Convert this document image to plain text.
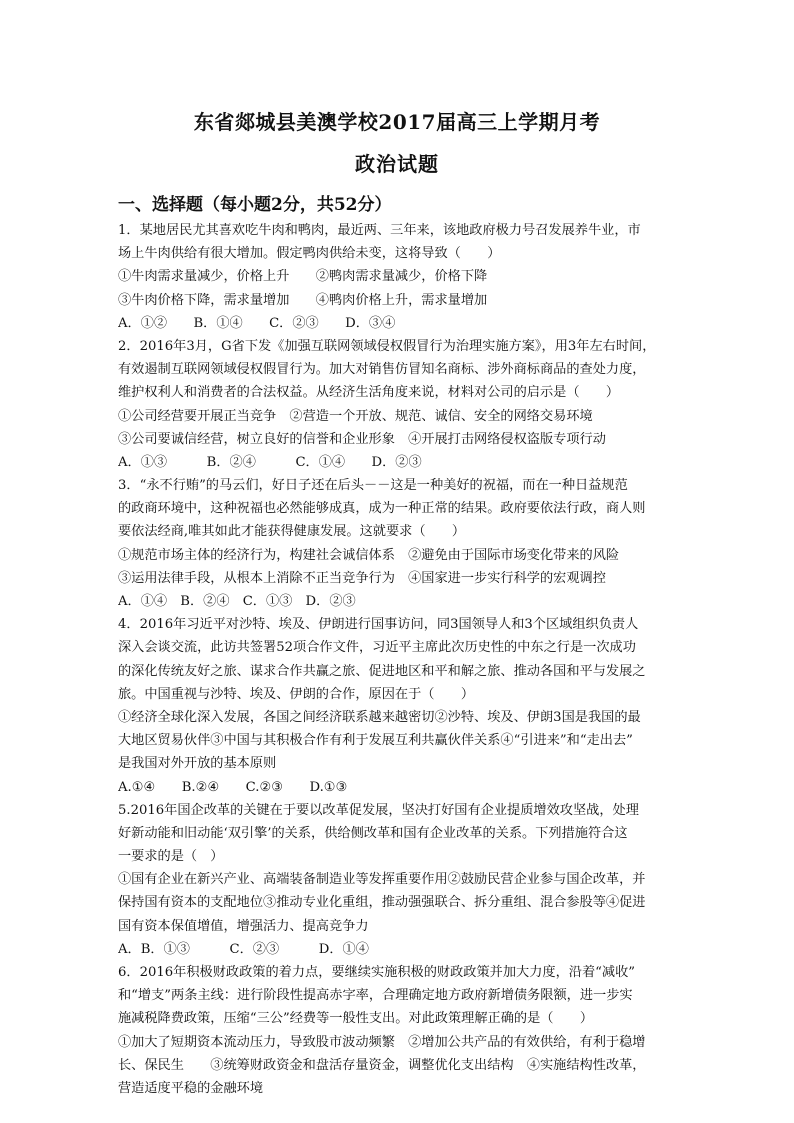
东省郯城县美澳学校2017届高三上学期月考
政治试题
一、选择题（每小题2分，共52分）
1．某地居民尤其喜欢吃牛肉和鸭肉，最近两、三年来，该地政府极力号召发展养牛业，市
场上牛肉供给有很大增加。假定鸭肉供给未变，这将导致（　　）
①牛肉需求量减少，价格上升　　②鸭肉需求量减少，价格下降
③牛肉价格下降，需求量增加　　④鸭肉价格上升，需求量增加
A．①②　　B．①④　　C．②③　　D．③④
2．2016年3月，G省下发《加强互联网领域侵权假冒行为治理实施方案》，用3年左右时间，
有效遏制互联网领域侵权假冒行为。加大对销售仿冒知名商标、涉外商标商品的查处力度，
维护权利人和消费者的合法权益。从经济生活角度来说，材料对公司的启示是（　　）
①公司经营要开展正当竞争　②营造一个开放、规范、诚信、安全的网络交易环境
③公司要诚信经营，树立良好的信誉和企业形象　④开展打击网络侵权盗版专项行动
A．①③　　　B．②④　　　C．①④　　D．②③
3．“永不行贿”的马云们，好日子还在后头－－这是一种美好的祝福，而在一种日益规范
的政商环境中，这种祝福也必然能够成真，成为一种正常的结果。政府要依法行政，商人则
要依法经商,唯其如此才能获得健康发展。这就要求（　　）
①规范市场主体的经济行为，构建社会诚信体系　②避免由于国际市场变化带来的风险
③运用法律手段，从根本上消除不正当竞争行为　④国家进一步实行科学的宏观调控
A．①④　B．②④　C．①③　D．②③
4．2016年习近平对沙特、埃及、伊朗进行国事访问，同3国领导人和3个区域组织负责人
深入会谈交流，此访共签署52项合作文件，习近平主席此次历史性的中东之行是一次成功
的深化传统友好之旅、谋求合作共赢之旅、促进地区和平和解之旅、推动各国和平与发展之
旅。中国重视与沙特、埃及、伊朗的合作，原因在于（　　）
①经济全球化深入发展，各国之间经济联系越来越密切②沙特、埃及、伊朗3国是我国的最
大地区贸易伙伴③中国与其积极合作有利于发展互利共赢伙伴关系④“引进来”和“走出去”
是我国对外开放的基本原则
A.①④　　B.②④　　C.②③　　D.①③
5.2016年国企改革的关键在于要以改革促发展，坚决打好国有企业提质增效攻坚战，处理
好新动能和旧动能‘双引擎’的关系，供给侧改革和国有企业改革的关系。下列措施符合这
一要求的是（　）
①国有企业在新兴产业、高端装备制造业等发挥重要作用②鼓励民营企业参与国企改革，并
保持国有资本的支配地位③推动专业化重组，推动强强联合、拆分重组、混合参股等④促进
国有资本保值增值，增强活力、提高竞争力
A．B．①③　　　C．②③　　　D．①④
6．2016年积极财政政策的着力点，要继续实施积极的财政政策并加大力度，沿着“减收”
和“增支”两条主线：进行阶段性提高赤字率，合理确定地方政府新增债务限额，进一步实
施减税降费政策，压缩“三公”经费等一般性支出。对此政策理解正确的是（　　）
①加大了短期资本流动压力，导致股市波动频繁　②增加公共产品的有效供给，有利于稳增
长、保民生　　③统筹财政资金和盘活存量资金，调整优化支出结构　④实施结构性改革，
营造适度平稳的金融环境
